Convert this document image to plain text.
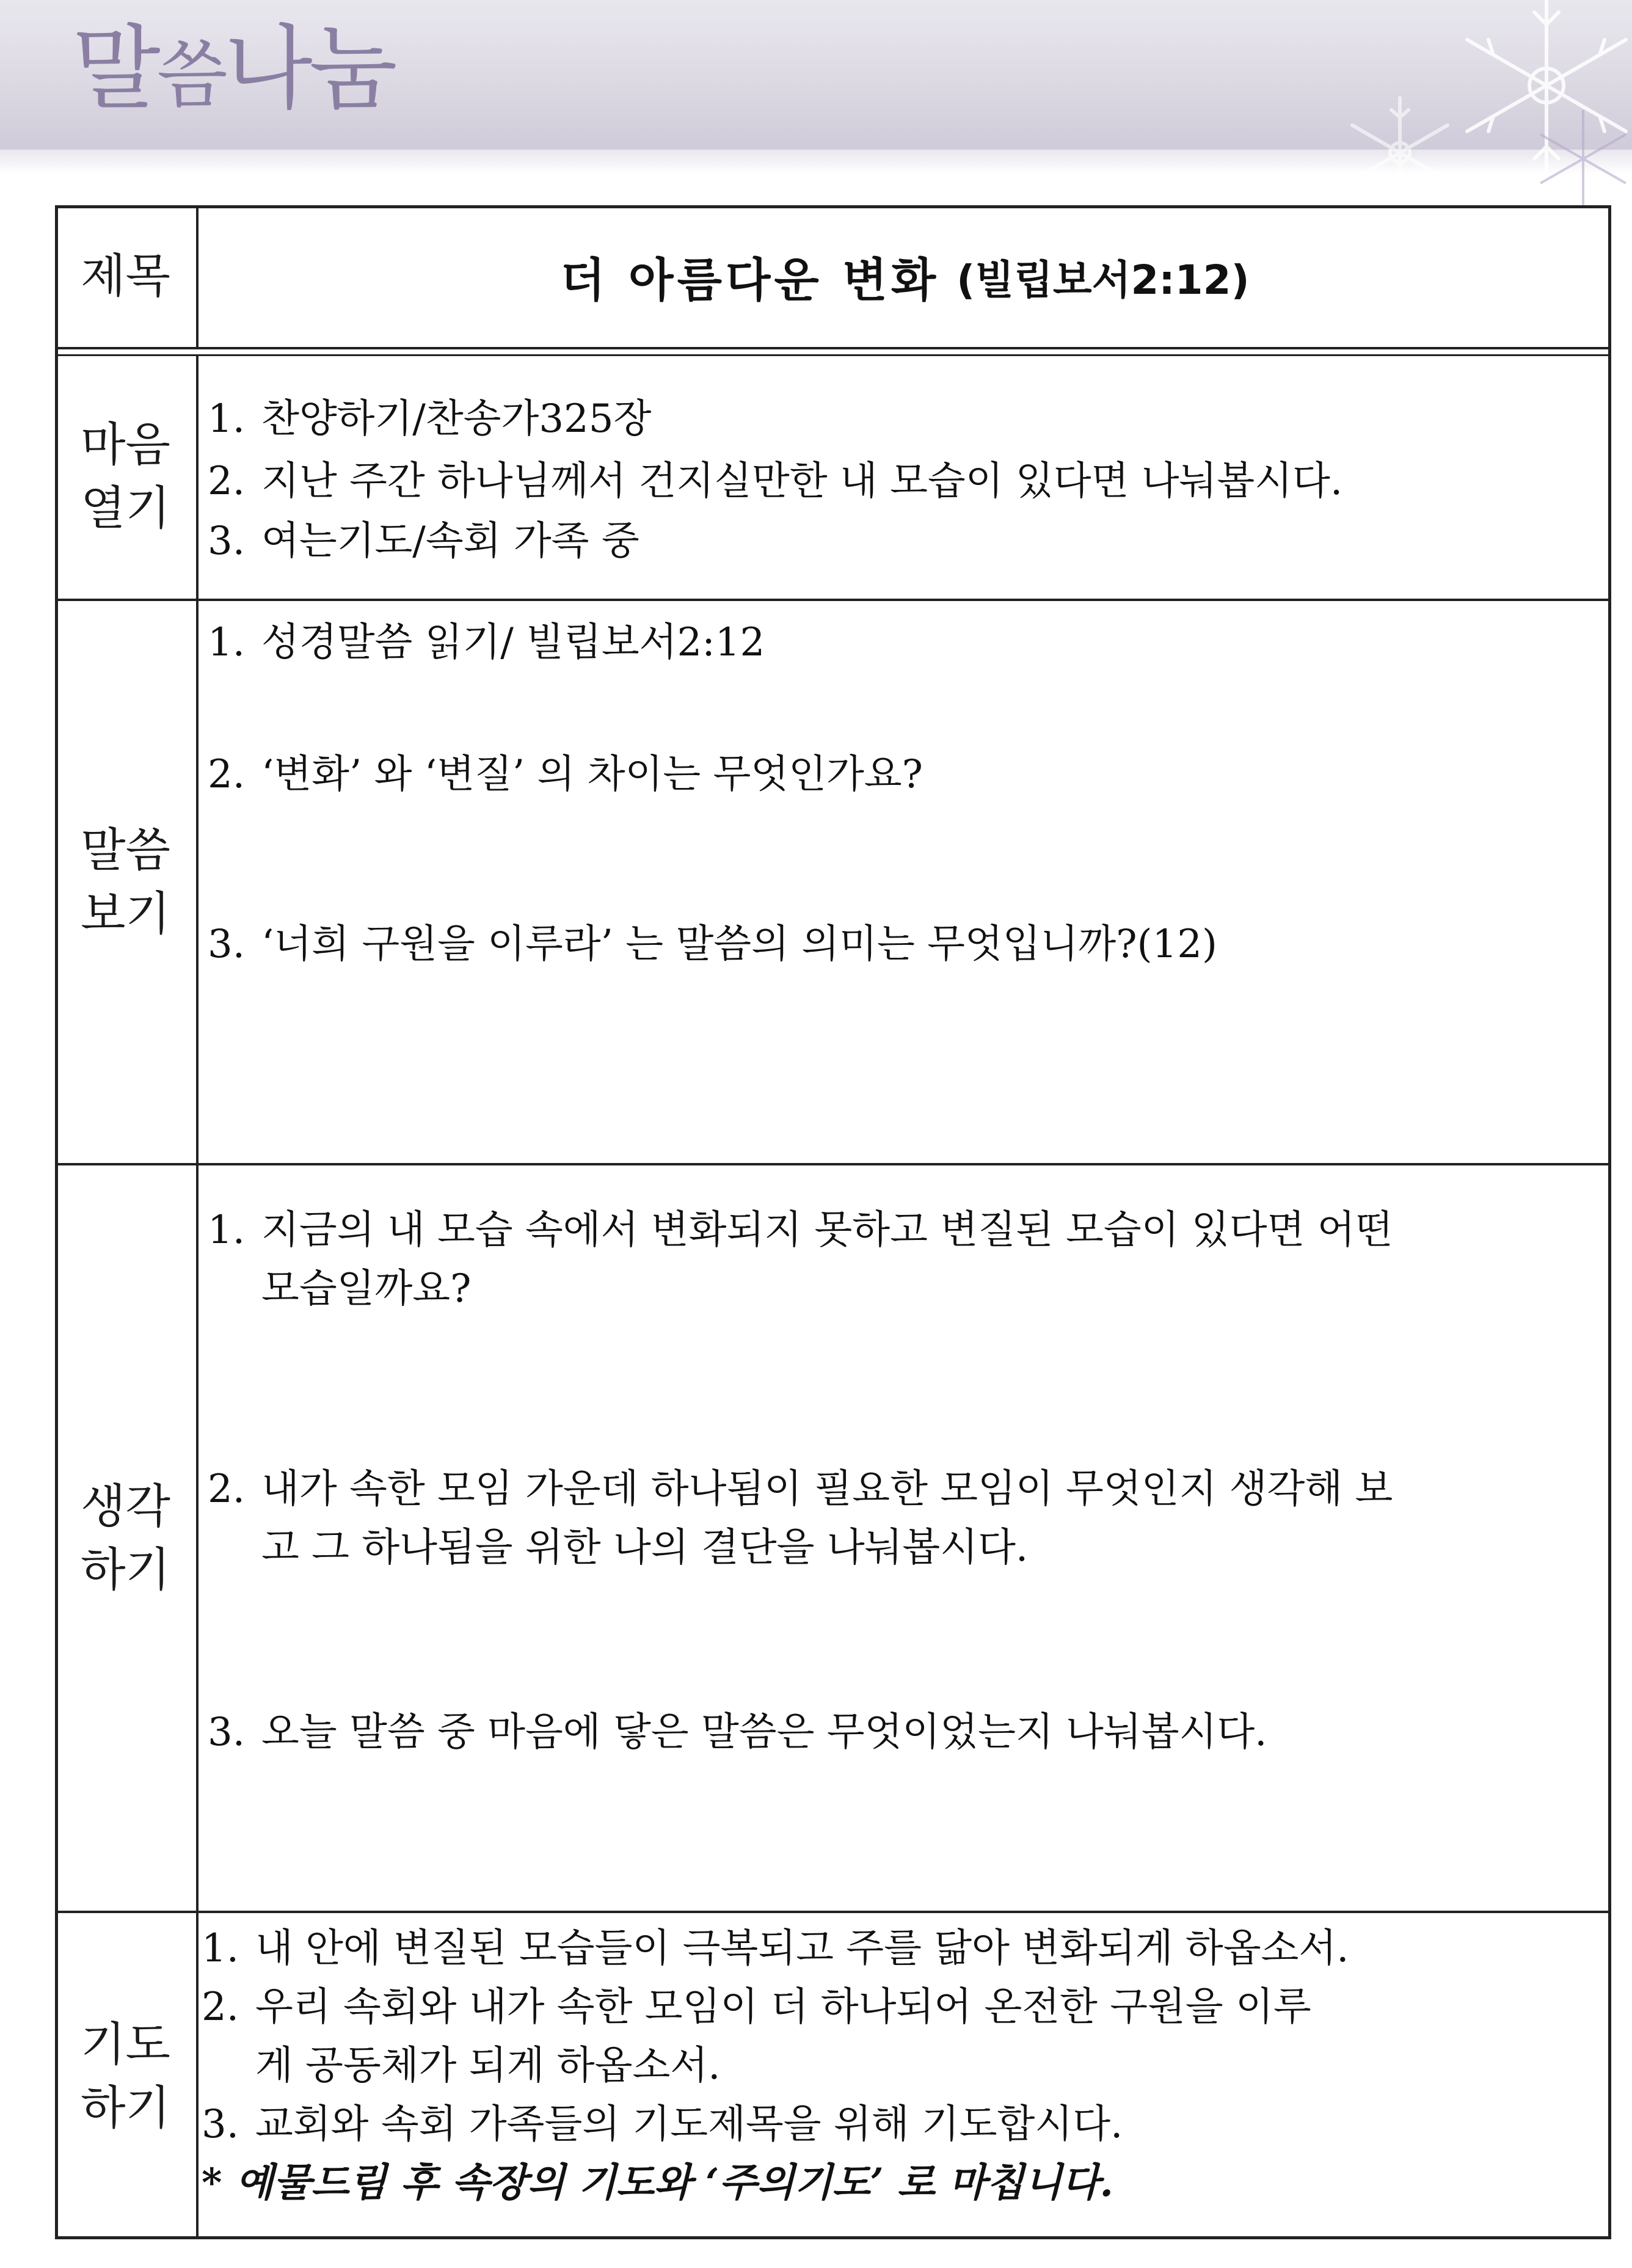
말씀나눔
제목	더 아름다운 변화 (빌립보서2:12)
마음
열기
1. 찬양하기/찬송가325장
2. 지난 주간 하나님께서 건지실만한 내 모습이 있다면 나눠봅시다.
3. 여는기도/속회 가족 중
말씀
보기
1. 성경말씀 읽기/ 빌립보서2:12
2. ‘변화’ 와 ‘변질’ 의 차이는 무엇인가요?
3. ‘너희 구원을 이루라’ 는 말씀의 의미는 무엇입니까?(12)
생각
하기
1. 지금의 내 모습 속에서 변화되지 못하고 변질된 모습이 있다면 어떤
모습일까요?
2. 내가 속한 모임 가운데 하나됨이 필요한 모임이 무엇인지 생각해 보
고 그 하나됨을 위한 나의 결단을 나눠봅시다.
3. 오늘 말씀 중 마음에 닿은 말씀은 무엇이었는지 나눠봅시다.
기도
하기
1. 내 안에 변질된 모습들이 극복되고 주를 닮아 변화되게 하옵소서.
2. 우리 속회와 내가 속한 모임이 더 하나되어 온전한 구원을 이루
게 공동체가 되게 하옵소서.
3. 교회와 속회 가족들의 기도제목을 위해 기도합시다.
* 예물드림 후 속장의 기도와 ‘주의기도’ 로 마칩니다.
